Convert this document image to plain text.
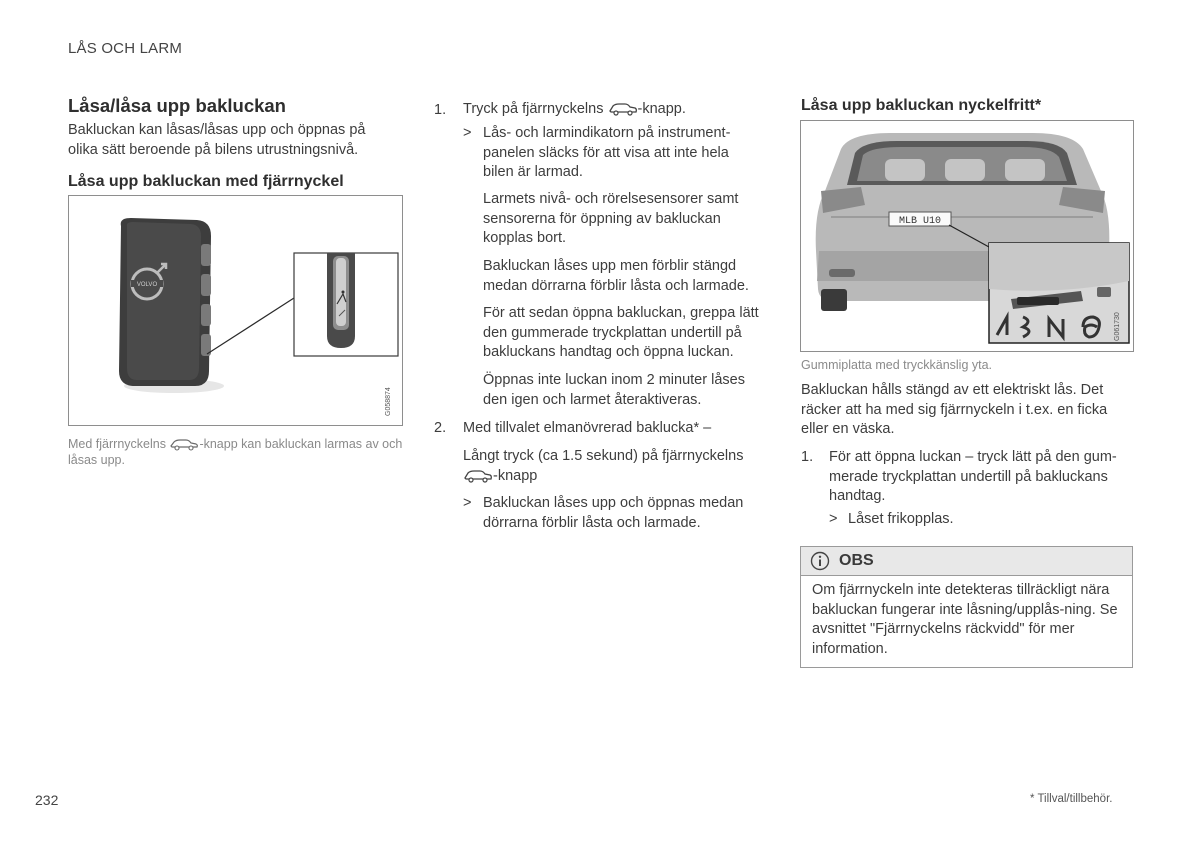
LÅS OCH LARM
Låsa/låsa upp bakluckan
Bakluckan kan låsas/låsas upp och öppnas på olika sätt beroende på bilens utrustningsnivå.
Låsa upp bakluckan med fjärrnyckel
VOLVO
G058874
Med fjärrnyckelns	-knapp kan bakluckan larmas av och låsas upp.
1. Tryck på fjärrnyckelns -knapp.
> Lås- och larmindikatorn på instrument-panelen släcks för att visa att inte hela bilen är larmad.
Larmets nivå- och rörelsesensorer samt sensorerna för öppning av bakluckan kopplas bort.
Bakluckan låses upp men förblir stängd medan dörrarna förblir låsta och larmade.
För att sedan öppna bakluckan, greppa lätt den gummerade tryckplattan undertill på bakluckans handtag och öppna luckan.
Öppnas inte luckan inom 2 minuter låses den igen och larmet återaktiveras.
2. Med tillvalet elmanövrerad baklucka* –
Långt tryck (ca 1.5 sekund) på fjärrnyckelns
-knapp
> Bakluckan låses upp och öppnas medan dörrarna förblir låsta och larmade.
Låsa upp bakluckan nyckelfritt*
MLB U10
G061730
Gummiplatta med tryckkänslig yta.
Bakluckan hålls stängd av ett elektriskt lås. Det räcker att ha med sig fjärrnyckeln i t.ex. en ficka eller en väska.
1. För att öppna luckan – tryck lätt på den gum-merade tryckplattan undertill på bakluckans handtag.
> Låset frikopplas.
OBS
Om fjärrnyckeln inte detekteras tillräckligt nära bakluckan fungerar inte låsning/upplås-ning. Se avsnittet "Fjärrnyckelns räckvidd" för mer information.
232	* Tillval/tillbehör.
